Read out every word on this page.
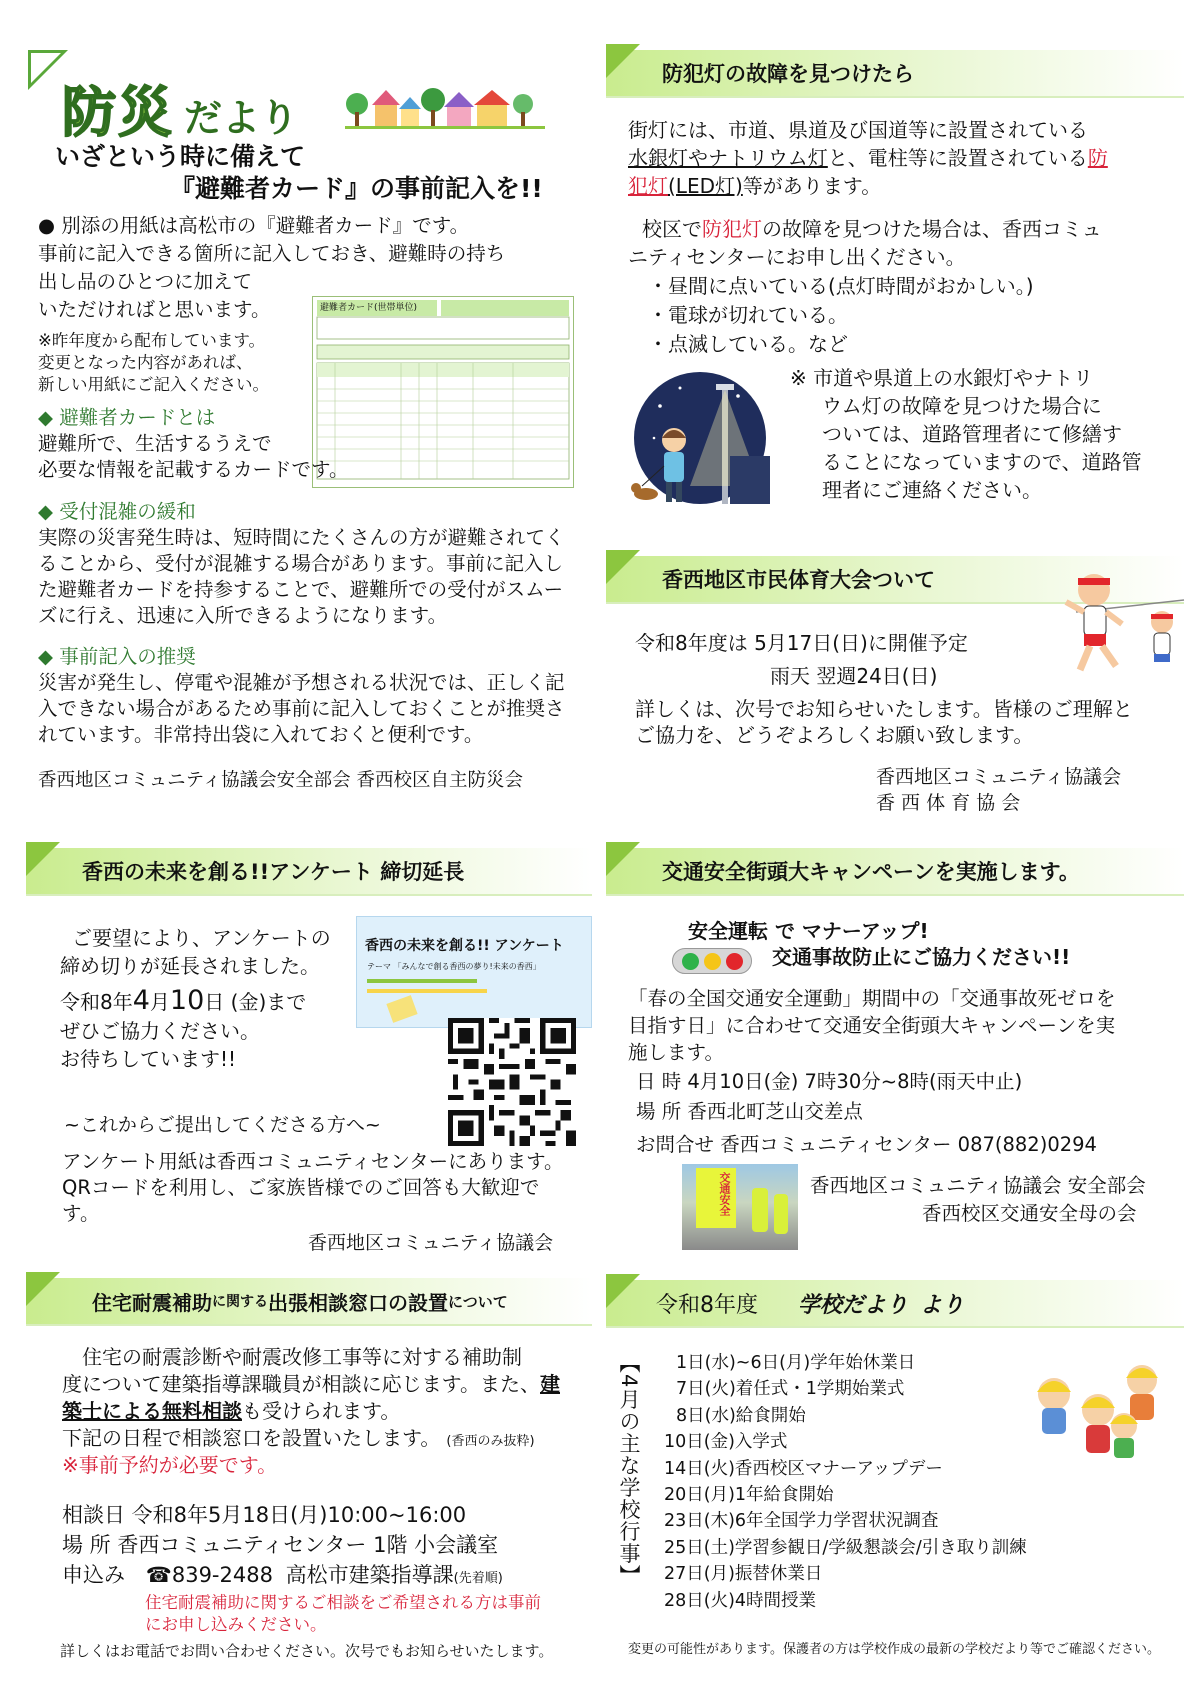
防災 だより
いざという時に備えて
『避難者カード』の事前記入を!!
● 別添の用紙は高松市の『避難者カード』です。
事前に記入できる箇所に記入しておき、避難時の持ち
出し品のひとつに加えて
いただければと思います。
※昨年度から配布しています。
変更となった内容があれば、
新しい用紙にご記入ください。
避難者カード(世帯単位)
◆ 避難者カードとは
避難所で、生活するうえで
必要な情報を記載するカードです。
◆ 受付混雑の緩和
実際の災害発生時は、短時間にたくさんの方が避難されてく
ることから、受付が混雑する場合があります。事前に記入し
た避難者カードを持参することで、避難所での受付がスムー
ズに行え、迅速に入所できるようになります。
◆ 事前記入の推奨
災害が発生し、停電や混雑が予想される状況では、正しく記
入できない場合があるため事前に記入しておくことが推奨さ
れています。非常持出袋に入れておくと便利です。
香西地区コミュニティ協議会安全部会 香西校区自主防災会
防犯灯の故障を見つけたら
街灯には、市道、県道及び国道等に設置されている
水銀灯やナトリウム灯と、電柱等に設置されている防
犯灯(LED灯)等があります。
校区で防犯灯の故障を見つけた場合は、香西コミュ
ニティセンターにお申し出ください。
・昼間に点いている(点灯時間がおかしい。)
・電球が切れている。
・点滅している。など
※ 市道や県道上の水銀灯やナトリ
ウム灯の故障を見つけた場合に
ついては、道路管理者にて修繕す
ることになっていますので、道路管
理者にご連絡ください。
香西地区市民体育大会ついて
令和8年度は 5月17日(日)に開催予定
雨天 翌週24日(日)
詳しくは、次号でお知らせいたします。皆様のご理解と
ご協力を、どうぞよろしくお願い致します。
香西地区コミュニティ協議会
香 西 体 育 協 会
香西の未来を創る!!アンケート 締切延長
ご要望により、アンケートの
締め切りが延長されました。
令和8年4月10日 (金)まで
ぜひご協力ください。
お待ちしています!!
香西の未来を創る!! アンケート
テーマ 「みんなで創る香西の夢り!未来の香西」
~これからご提出してくださる方へ~
アンケート用紙は香西コミュニティセンターにあります。
QRコードを利用し、ご家族皆様でのご回答も大歓迎で
す。
香西地区コミュニティ協議会
交通安全街頭大キャンペーンを実施します。
安全運転 で マナーアップ!
交通事故防止にご協力ください!!
「春の全国交通安全運動」期間中の「交通事故死ゼロを
目指す日」に合わせて交通安全街頭大キャンペーンを実
施します。
日 時 4月10日(金) 7時30分~8時(雨天中止)
場 所 香西北町芝山交差点
お問合せ 香西コミュニティセンター 087(882)0294
交通安全	香西地区コミュニティ協議会 安全部会
香西校区交通安全母の会
住宅耐震補助 に関する 出張相談窓口の設置 について
住宅の耐震診断や耐震改修工事等に対する補助制
度について建築指導課職員が相談に応じます。また、建
築士による無料相談も受けられます。
下記の日程で相談窓口を設置いたします。 (香西のみ抜粋)
※事前予約が必要です。
相談日 令和8年5月18日(月)10:00~16:00
場 所 香西コミュニティセンター 1階 小会議室
申込み ☎839-2488 高松市建築指導課(先着順)
住宅耐震補助に関するご相談をご希望される方は事前
にお申し込みください。
詳しくはお電話でお問い合わせください。次号でもお知らせいたします。
令和8年度 学校だより より
【4月の主な学校行事】 1日(水)~6日(月)学年始休業日
7日(火)着任式・1学期始業式
8日(水)給食開始
10日(金)入学式
14日(火)香西校区マナーアップデー
20日(月)1年給食開始
23日(木)6年全国学力学習状況調査
25日(土)学習参観日/学級懇談会/引き取り訓練
27日(月)振替休業日
28日(火)4時間授業
変更の可能性があります。保護者の方は学校作成の最新の学校だより等でご確認ください。
